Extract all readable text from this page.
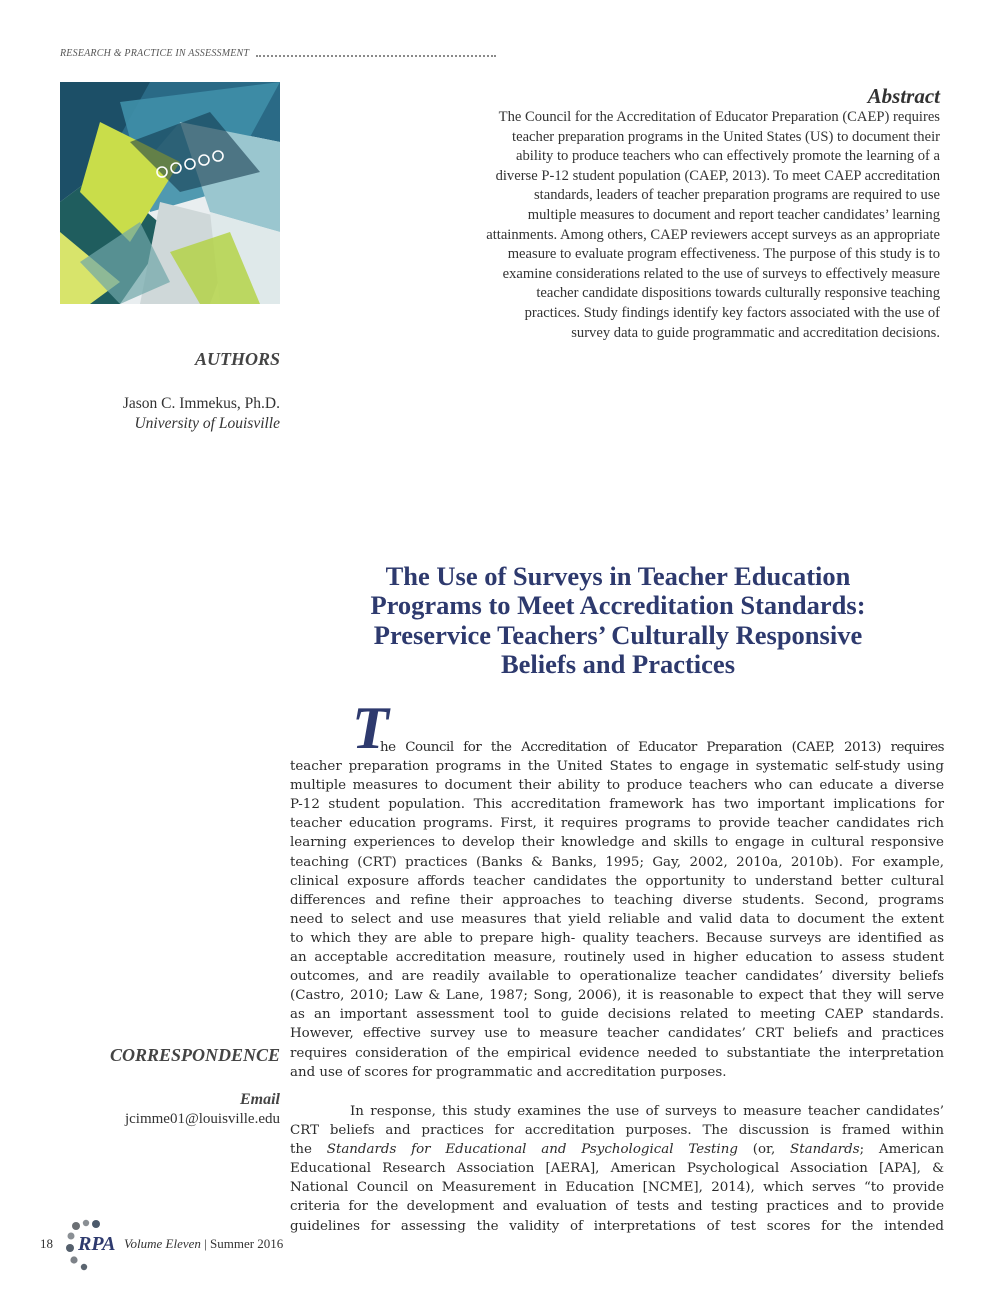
RESEARCH & PRACTICE IN ASSESSMENT
Abstract

The Council for the Accreditation of Educator Preparation (CAEP) requires
teacher preparation programs in the United States (US) to document their
ability to produce teachers who can effectively promote the learning of a
diverse P-12 student population (CAEP, 2013). To meet CAEP accreditation
standards, leaders of teacher preparation programs are required to use
multiple measures to document and report teacher candidates’ learning
attainments. Among others, CAEP reviewers accept surveys as an appropriate
measure to evaluate program effectiveness. The purpose of this study is to
examine considerations related to the use of surveys to effectively measure
teacher candidate dispositions towards culturally responsive teaching
practices. Study findings identify key factors associated with the use of
survey data to guide programmatic and accreditation decisions.

AUTHORS
Jason C. Immekus, Ph.D.
University of Louisville
The Use of Surveys in Teacher Education
Programs to Meet Accreditation Standards:
Preservice Teachers’ Culturally Responsive
Beliefs and Practices
T

he Council for the Accreditation of Educator Preparation (CAEP, 2013) requires
teacher preparation programs in the United States to engage in systematic self-study using
multiple measures to document their ability to produce teachers who can educate a diverse
P-12 student population. This accreditation framework has two important implications for
teacher education programs. First, it requires programs to provide teacher candidates rich
learning experiences to develop their knowledge and skills to engage in cultural responsive
teaching (CRT) practices (Banks & Banks, 1995; Gay, 2002, 2010a, 2010b). For example,
clinical exposure affords teacher candidates the opportunity to understand better cultural
differences and refine their approaches to teaching diverse students. Second, programs
need to select and use measures that yield reliable and valid data to document the extent
to which they are able to prepare high- quality teachers. Because surveys are identified as
an acceptable accreditation measure, routinely used in higher education to assess student
outcomes, and are readily available to operationalize teacher candidates’ diversity beliefs
(Castro, 2010; Law & Lane, 1987; Song, 2006), it is reasonable to expect that they will serve
as an important assessment tool to guide decisions related to meeting CAEP standards.
However, effective survey use to measure teacher candidates’ CRT beliefs and practices
requires consideration of the empirical evidence needed to substantiate the interpretation
and use of scores for programmatic and accreditation purposes.

CORRESPONDENCE
Email
jcimme01@louisville.edu	In response, this study examines the use of surveys to measure teacher candidates’
CRT beliefs and practices for accreditation purposes. The discussion is framed within
the Standards for Educational and Psychological Testing (or, Standards; American
Educational Research Association [AERA], American Psychological Association [APA], &
National Council on Measurement in Education [NCME], 2014), which serves “to provide
criteria for the development and evaluation of tests and testing practices and to provide
guidelines for assessing the validity of interpretations of test scores for the intended

18 RPA Volume Eleven | Summer 2016
